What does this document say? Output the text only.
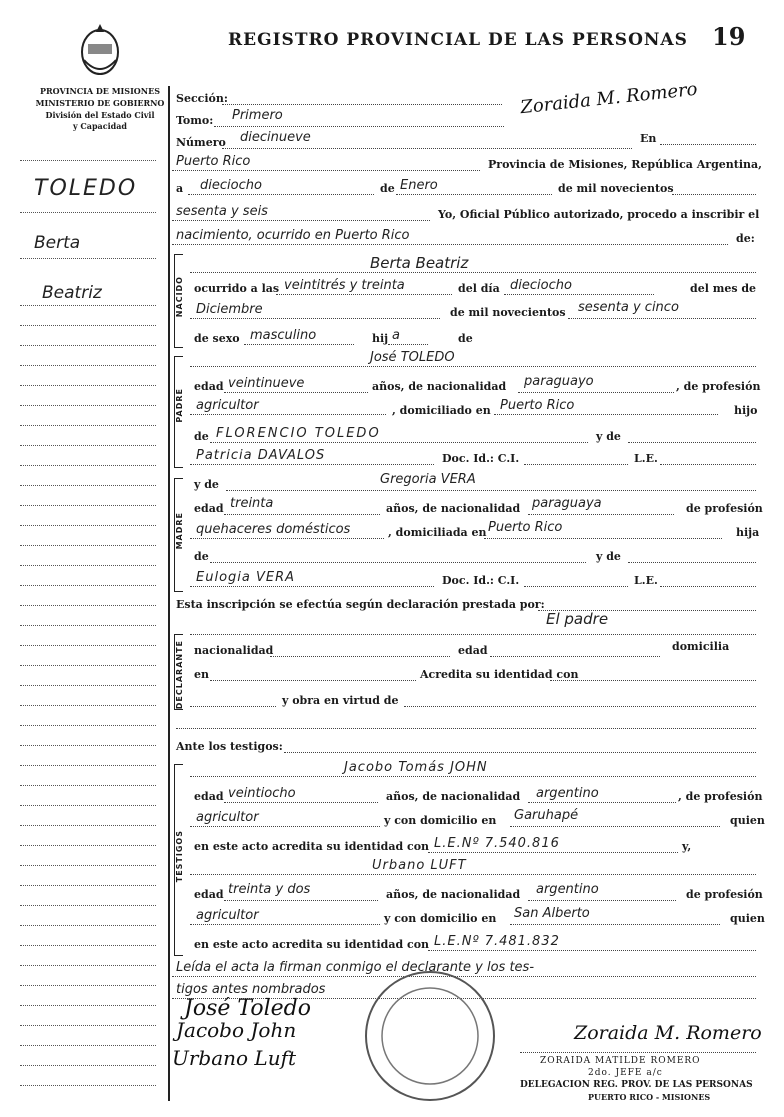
PROVINCIA DE MISIONES
MINISTERIO DE GOBIERNO
División del Estado Civil
y Capacidad
REGISTRO PROVINCIAL DE LAS PERSONAS 19
TOLEDO
Berta
Beatriz
Sección:
Tomo: Primero
Número diecinueve	En
Zoraida M. Romero
Puerto Rico	Provincia de Misiones, República Argentina,
a dieciocho	de Enero	de mil novecientos
sesenta y seis	Yo, Oficial Público autorizado, procedo a inscribir el
nacimiento, ocurrido en Puerto Rico	de:
NACIDO
Berta Beatriz
ocurrido a las veintitrés y treinta	del día dieciocho	del mes de
Diciembre	de mil novecientos sesenta y cinco
de sexo masculino	hij a	de
PADRE
José TOLEDO
edad veintinueve	años, de nacionalidad paraguayo	, de profesión
agricultor	, domiciliado en Puerto Rico	hijo
de FLORENCIO TOLEDO	y de
Patricia DAVALOS	Doc. Id.: C.I.	L.E.
MADRE
y de	Gregoria VERA
edad treinta	años, de nacionalidad paraguaya	de profesión
quehaceres domésticos	, domiciliada en Puerto Rico	hija
de	y de
Eulogia VERA	Doc. Id.: C.I.	L.E.
Esta inscripción se efectúa según declaración prestada por:
El padre
DECLARANTE nacionalidad	edad	domicilia
en	Acredita su identidad con
y obra en virtud de
Ante los testigos:
TESTIGOS
Jacobo Tomás JOHN
edad veintiocho	años, de nacionalidad argentino	, de profesión
agricultor	y con domicilio en Garuhapé	quien
en este acto acredita su identidad con L.E.Nº 7.540.816	y,
Urbano LUFT
edad treinta y dos	años, de nacionalidad argentino	de profesión
agricultor	y con domicilio en San Alberto	quien
en este acto acredita su identidad con L.E.Nº 7.481.832
Leída el acta la firman conmigo el declarante y los tes-
tigos antes nombrados
José Toledo
Jacobo John
Urbano Luft
Zoraida M. Romero
ZORAIDA MATILDE ROMERO
2do. JEFE a/c
DELEGACION REG. PROV. DE LAS PERSONAS
PUERTO RICO - MISIONES
